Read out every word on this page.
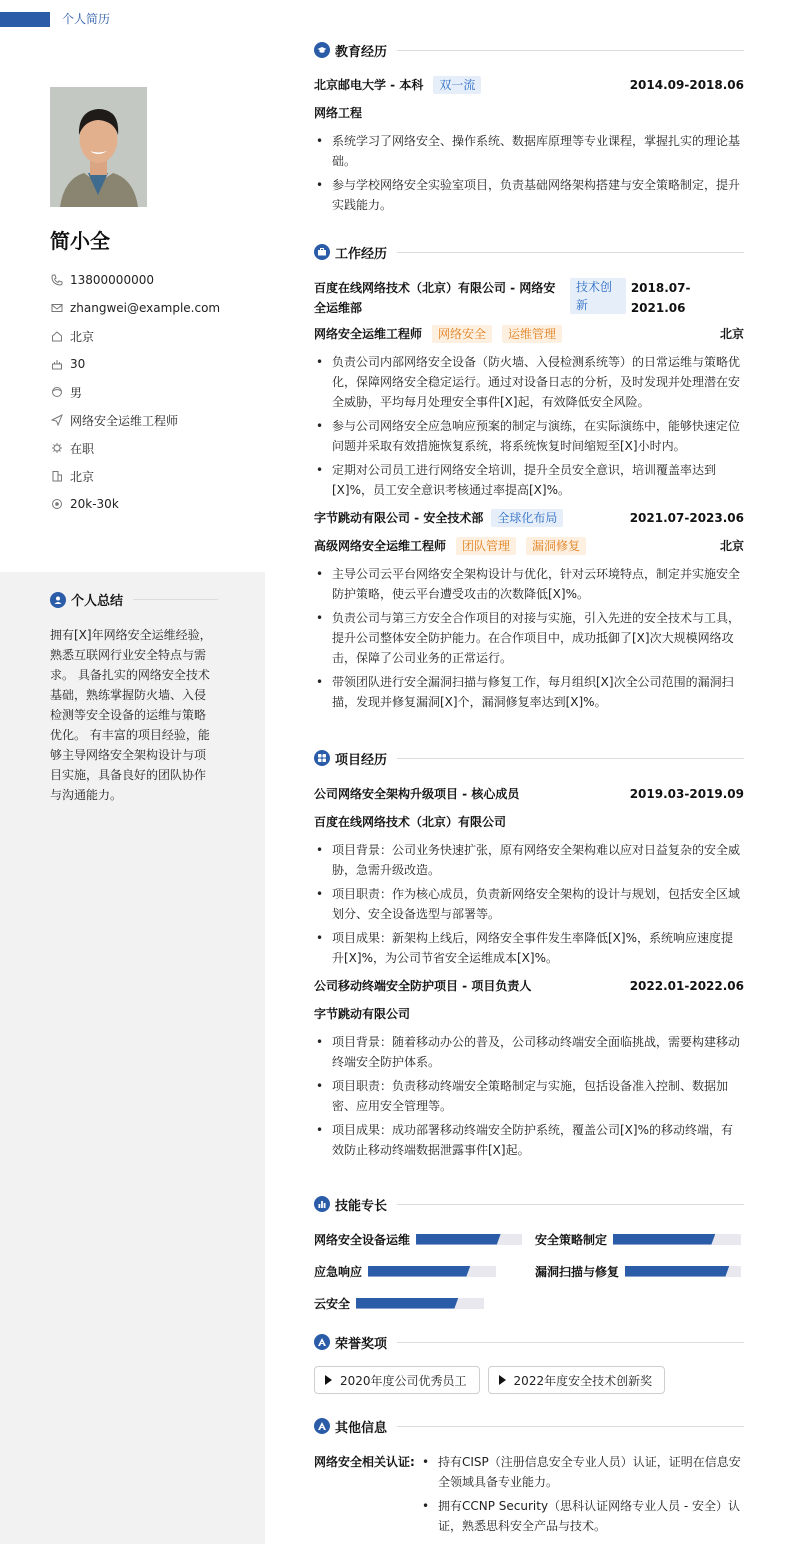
个人简历
简小全
13800000000
zhangwei@example.com
北京
30
男
网络安全运维工程师
在职
北京
20k-30k
个人总结
拥有[X]年网络安全运维经验，熟悉互联网行业安全特点与需求。 具备扎实的网络安全技术基础，熟练掌握防火墙、入侵检测等安全设备的运维与策略优化。 有丰富的项目经验，能够主导网络安全架构设计与项目实施，具备良好的团队协作与沟通能力。
教育经历
北京邮电大学 - 本科	双一流	2014.09-2018.06
网络工程
• 系统学习了网络安全、操作系统、数据库原理等专业课程，掌握扎实的理论基础。
• 参与学校网络安全实验室项目，负责基础网络架构搭建与安全策略制定，提升实践能力。
工作经历
百度在线网络技术（北京）有限公司 - 网络安全运维部
技术创新
2018.07-2021.06
网络安全运维工程师	网络安全	运维管理	北京
• 负责公司内部网络安全设备（防火墙、入侵检测系统等）的日常运维与策略优化，保障网络安全稳定运行。通过对设备日志的分析，及时发现并处理潜在安全威胁，平均每月处理安全事件[X]起，有效降低安全风险。
• 参与公司网络安全应急响应预案的制定与演练，在实际演练中，能够快速定位问题并采取有效措施恢复系统，将系统恢复时间缩短至[X]小时内。
• 定期对公司员工进行网络安全培训，提升全员安全意识，培训覆盖率达到[X]%，员工安全意识考核通过率提高[X]%。
字节跳动有限公司 - 安全技术部	全球化布局	2021.07-2023.06
高级网络安全运维工程师	团队管理	漏洞修复	北京
• 主导公司云平台网络安全架构设计与优化，针对云环境特点，制定并实施安全防护策略，使云平台遭受攻击的次数降低[X]%。
• 负责公司与第三方安全合作项目的对接与实施，引入先进的安全技术与工具，提升公司整体安全防护能力。在合作项目中，成功抵御了[X]次大规模网络攻击，保障了公司业务的正常运行。
• 带领团队进行安全漏洞扫描与修复工作，每月组织[X]次全公司范围的漏洞扫描，发现并修复漏洞[X]个，漏洞修复率达到[X]%。
项目经历
公司网络安全架构升级项目 - 核心成员	2019.03-2019.09
百度在线网络技术（北京）有限公司
• 项目背景：公司业务快速扩张，原有网络安全架构难以应对日益复杂的安全威胁，急需升级改造。
• 项目职责：作为核心成员，负责新网络安全架构的设计与规划，包括安全区域划分、安全设备选型与部署等。
• 项目成果：新架构上线后，网络安全事件发生率降低[X]%，系统响应速度提升[X]%，为公司节省安全运维成本[X]%。
公司移动终端安全防护项目 - 项目负责人	2022.01-2022.06
字节跳动有限公司
• 项目背景：随着移动办公的普及，公司移动终端安全面临挑战，需要构建移动终端安全防护体系。
• 项目职责：负责移动终端安全策略制定与实施，包括设备准入控制、数据加密、应用安全管理等。
• 项目成果：成功部署移动终端安全防护系统，覆盖公司[X]%的移动终端，有效防止移动终端数据泄露事件[X]起。
技能专长
网络安全设备运维	安全策略制定
应急响应	漏洞扫描与修复
云安全
荣誉奖项
2020年度公司优秀员工	2022年度安全技术创新奖
其他信息
网络安全相关认证:
•	持有CISP（注册信息安全专业人员）认证，证明在信息安全领域具备专业能力。
• 拥有CCNP Security（思科认证网络专业人员 - 安全）认证，熟悉思科安全产品与技术。
